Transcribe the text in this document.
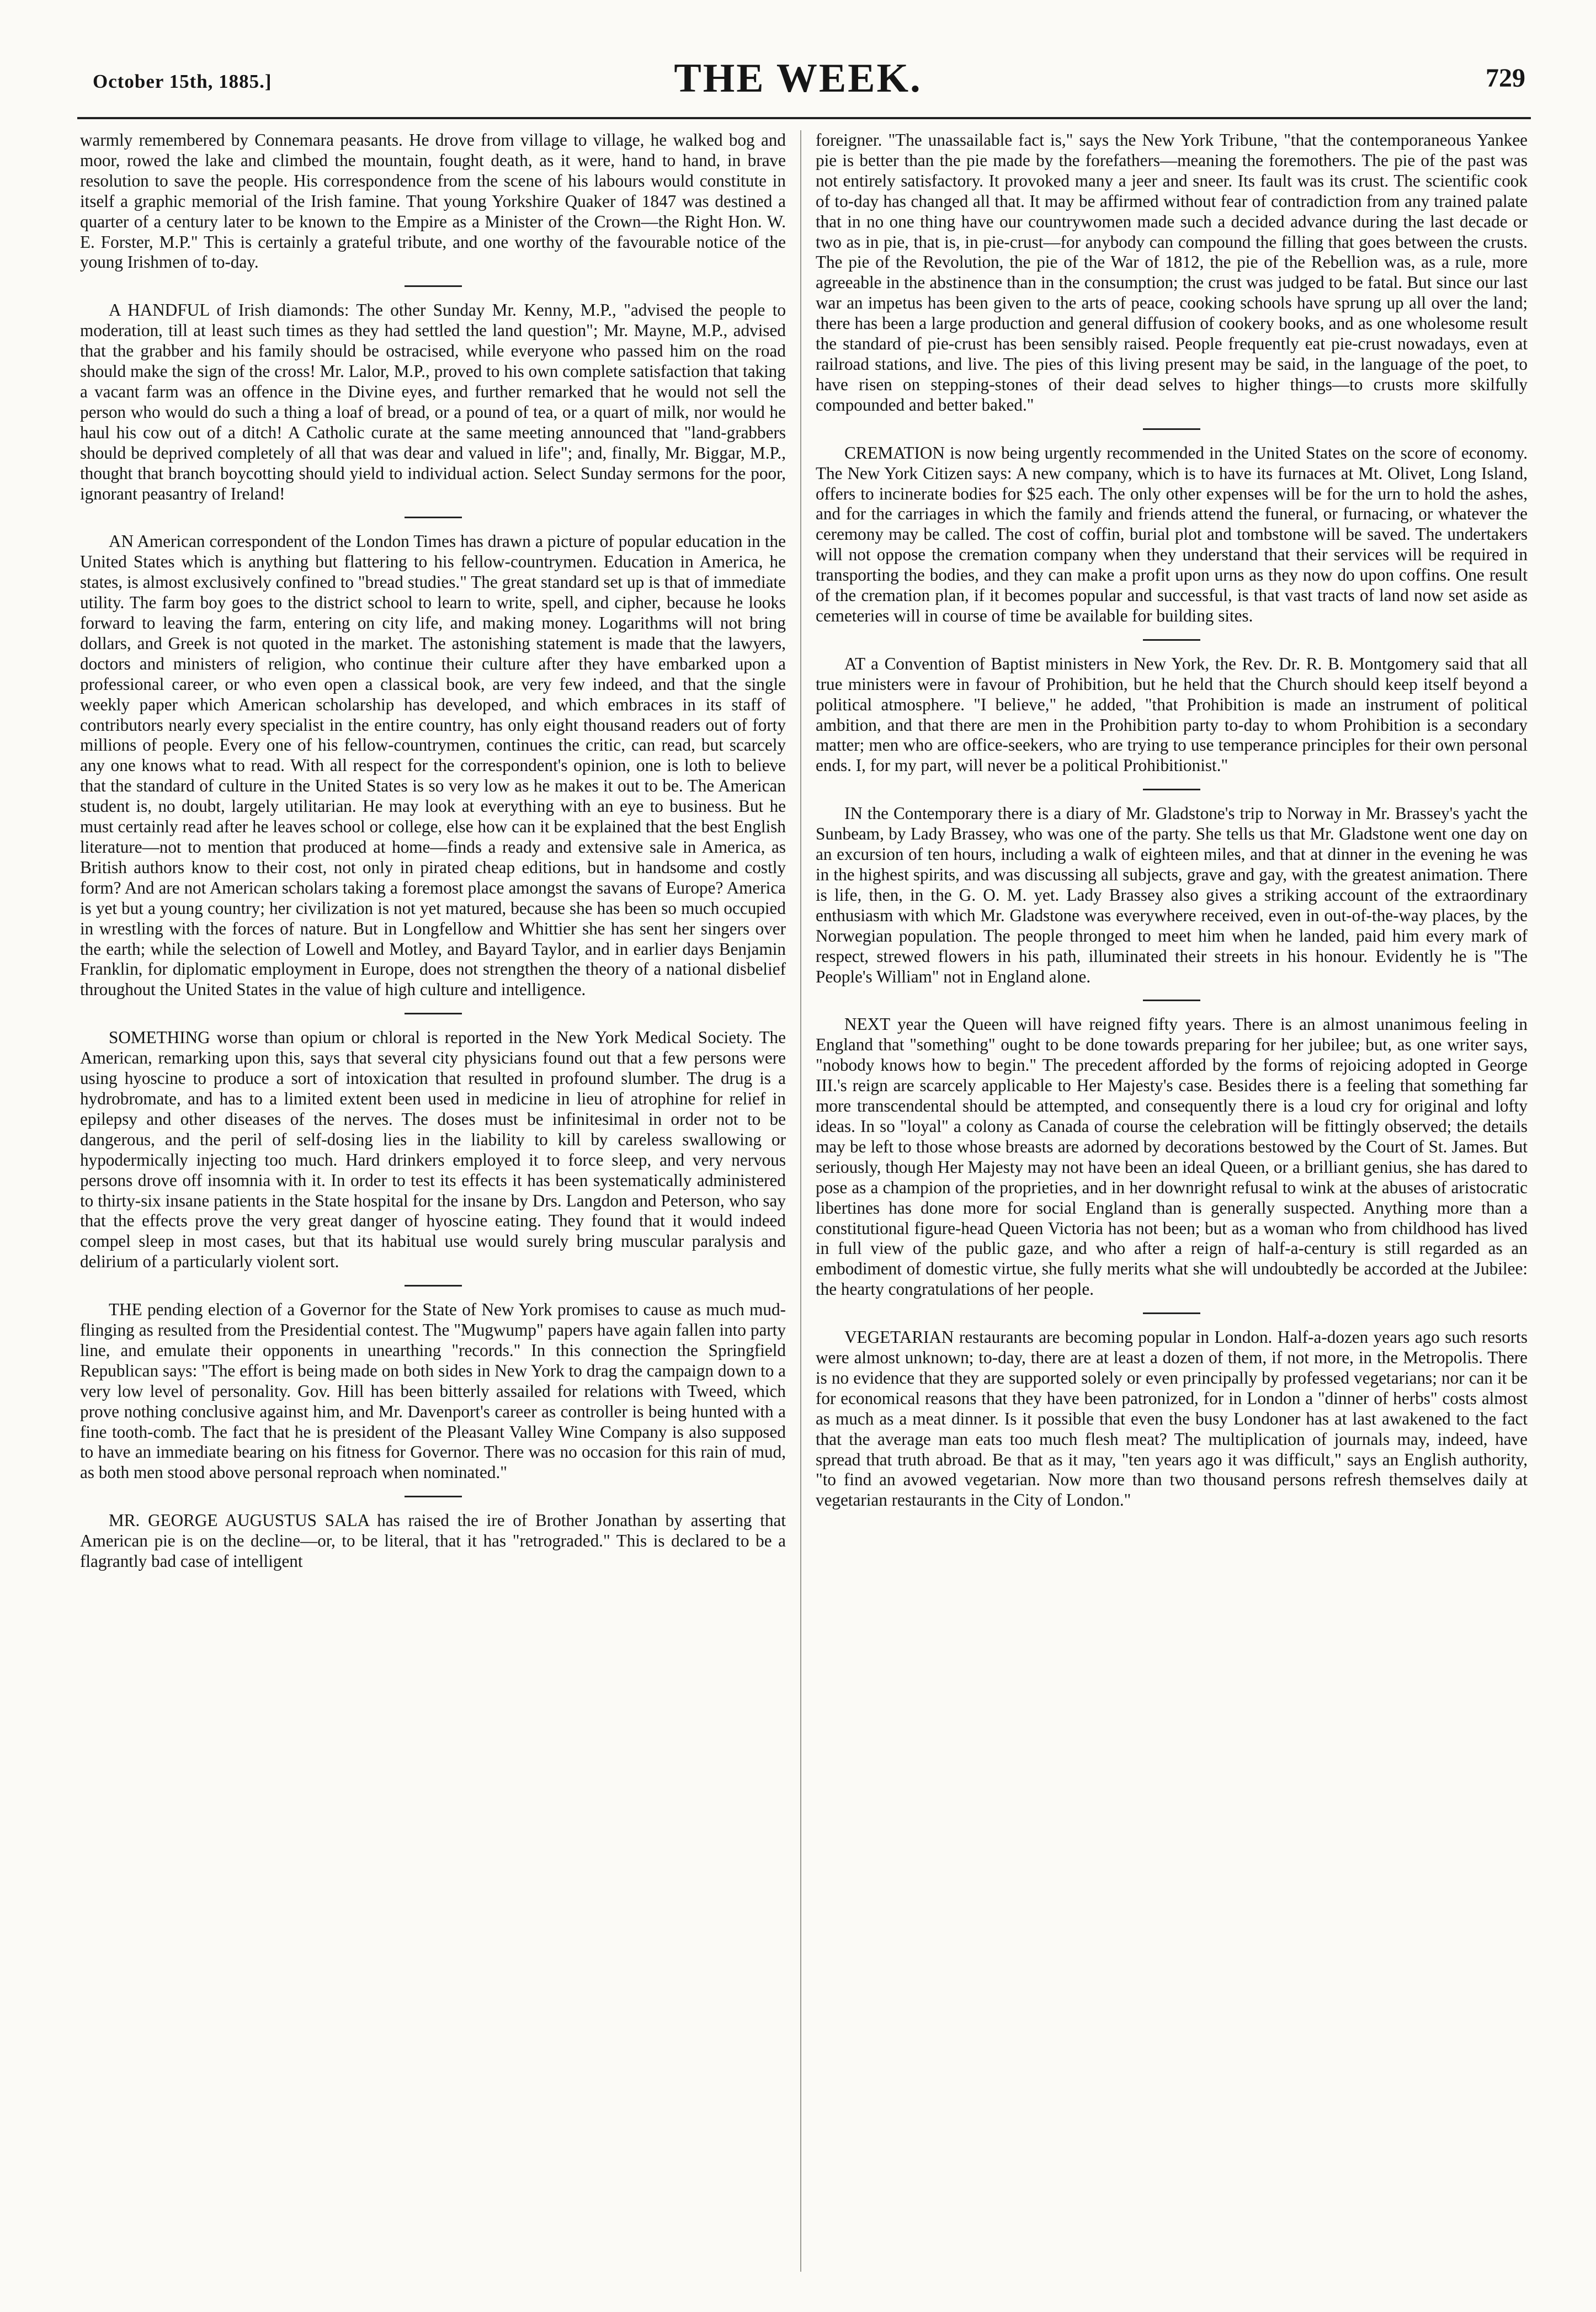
October 15th, 1885.]	THE WEEK.	729

warmly remembered by Connemara peasants. He drove from village to village, he walked bog and moor, rowed the lake and climbed the mountain, fought death, as it were, hand to hand, in brave resolution to save the people. His correspondence from the scene of his labours would constitute in itself a graphic memorial of the Irish famine. That young Yorkshire Quaker of 1847 was destined a quarter of a century later to be known to the Empire as a Minister of the Crown—the Right Hon. W. E. Forster, M.P." This is certainly a grateful tribute, and one worthy of the favourable notice of the young Irishmen of to-day.

A HANDFUL of Irish diamonds: The other Sunday Mr. Kenny, M.P., "advised the people to moderation, till at least such times as they had settled the land question"; Mr. Mayne, M.P., advised that the grabber and his family should be ostracised, while everyone who passed him on the road should make the sign of the cross! Mr. Lalor, M.P., proved to his own complete satisfaction that taking a vacant farm was an offence in the Divine eyes, and further remarked that he would not sell the person who would do such a thing a loaf of bread, or a pound of tea, or a quart of milk, nor would he haul his cow out of a ditch! A Catholic curate at the same meeting announced that "land-grabbers should be deprived completely of all that was dear and valued in life"; and, finally, Mr. Biggar, M.P., thought that branch boycotting should yield to individual action. Select Sunday sermons for the poor, ignorant peasantry of Ireland!

AN American correspondent of the London Times has drawn a picture of popular education in the United States which is anything but flattering to his fellow-countrymen. Education in America, he states, is almost exclusively confined to "bread studies." The great standard set up is that of immediate utility. The farm boy goes to the district school to learn to write, spell, and cipher, because he looks forward to leaving the farm, entering on city life, and making money. Logarithms will not bring dollars, and Greek is not quoted in the market. The astonishing statement is made that the lawyers, doctors and ministers of religion, who continue their culture after they have embarked upon a professional career, or who even open a classical book, are very few indeed, and that the single weekly paper which American scholarship has developed, and which embraces in its staff of contributors nearly every specialist in the entire country, has only eight thousand readers out of forty millions of people. Every one of his fellow-countrymen, continues the critic, can read, but scarcely any one knows what to read. With all respect for the correspondent's opinion, one is loth to believe that the standard of culture in the United States is so very low as he makes it out to be. The American student is, no doubt, largely utilitarian. He may look at everything with an eye to business. But he must certainly read after he leaves school or college, else how can it be explained that the best English literature—not to mention that produced at home—finds a ready and extensive sale in America, as British authors know to their cost, not only in pirated cheap editions, but in handsome and costly form? And are not American scholars taking a foremost place amongst the savans of Europe? America is yet but a young country; her civilization is not yet matured, because she has been so much occupied in wrestling with the forces of nature. But in Longfellow and Whittier she has sent her singers over the earth; while the selection of Lowell and Motley, and Bayard Taylor, and in earlier days Benjamin Franklin, for diplomatic employment in Europe, does not strengthen the theory of a national disbelief throughout the United States in the value of high culture and intelligence.

SOMETHING worse than opium or chloral is reported in the New York Medical Society. The American, remarking upon this, says that several city physicians found out that a few persons were using hyoscine to produce a sort of intoxication that resulted in profound slumber. The drug is a hydrobromate, and has to a limited extent been used in medicine in lieu of atrophine for relief in epilepsy and other diseases of the nerves. The doses must be infinitesimal in order not to be dangerous, and the peril of self-dosing lies in the liability to kill by careless swallowing or hypodermically injecting too much. Hard drinkers employed it to force sleep, and very nervous persons drove off insomnia with it. In order to test its effects it has been systematically administered to thirty-six insane patients in the State hospital for the insane by Drs. Langdon and Peterson, who say that the effects prove the very great danger of hyoscine eating. They found that it would indeed compel sleep in most cases, but that its habitual use would surely bring muscular paralysis and delirium of a particularly violent sort.

THE pending election of a Governor for the State of New York promises to cause as much mud-flinging as resulted from the Presidential contest. The "Mugwump" papers have again fallen into party line, and emulate their opponents in unearthing "records." In this connection the Springfield Republican says: "The effort is being made on both sides in New York to drag the campaign down to a very low level of personality. Gov. Hill has been bitterly assailed for relations with Tweed, which prove nothing conclusive against him, and Mr. Davenport's career as controller is being hunted with a fine tooth-comb. The fact that he is president of the Pleasant Valley Wine Company is also supposed to have an immediate bearing on his fitness for Governor. There was no occasion for this rain of mud, as both men stood above personal reproach when nominated."

MR. GEORGE AUGUSTUS SALA has raised the ire of Brother Jonathan by asserting that American pie is on the decline—or, to be literal, that it has "retrograded." This is declared to be a flagrantly bad case of intelligent

foreigner. "The unassailable fact is," says the New York Tribune, "that the contemporaneous Yankee pie is better than the pie made by the forefathers—meaning the foremothers. The pie of the past was not entirely satisfactory. It provoked many a jeer and sneer. Its fault was its crust. The scientific cook of to-day has changed all that. It may be affirmed without fear of contradiction from any trained palate that in no one thing have our countrywomen made such a decided advance during the last decade or two as in pie, that is, in pie-crust—for anybody can compound the filling that goes between the crusts. The pie of the Revolution, the pie of the War of 1812, the pie of the Rebellion was, as a rule, more agreeable in the abstinence than in the consumption; the crust was judged to be fatal. But since our last war an impetus has been given to the arts of peace, cooking schools have sprung up all over the land; there has been a large production and general diffusion of cookery books, and as one wholesome result the standard of pie-crust has been sensibly raised. People frequently eat pie-crust nowadays, even at railroad stations, and live. The pies of this living present may be said, in the language of the poet, to have risen on stepping-stones of their dead selves to higher things—to crusts more skilfully compounded and better baked."

CREMATION is now being urgently recommended in the United States on the score of economy. The New York Citizen says: A new company, which is to have its furnaces at Mt. Olivet, Long Island, offers to incinerate bodies for $25 each. The only other expenses will be for the urn to hold the ashes, and for the carriages in which the family and friends attend the funeral, or furnacing, or whatever the ceremony may be called. The cost of coffin, burial plot and tombstone will be saved. The undertakers will not oppose the cremation company when they understand that their services will be required in transporting the bodies, and they can make a profit upon urns as they now do upon coffins. One result of the cremation plan, if it becomes popular and successful, is that vast tracts of land now set aside as cemeteries will in course of time be available for building sites.

AT a Convention of Baptist ministers in New York, the Rev. Dr. R. B. Montgomery said that all true ministers were in favour of Prohibition, but he held that the Church should keep itself beyond a political atmosphere. "I believe," he added, "that Prohibition is made an instrument of political ambition, and that there are men in the Prohibition party to-day to whom Prohibition is a secondary matter; men who are office-seekers, who are trying to use temperance principles for their own personal ends. I, for my part, will never be a political Prohibitionist."

IN the Contemporary there is a diary of Mr. Gladstone's trip to Norway in Mr. Brassey's yacht the Sunbeam, by Lady Brassey, who was one of the party. She tells us that Mr. Gladstone went one day on an excursion of ten hours, including a walk of eighteen miles, and that at dinner in the evening he was in the highest spirits, and was discussing all subjects, grave and gay, with the greatest animation. There is life, then, in the G. O. M. yet. Lady Brassey also gives a striking account of the extraordinary enthusiasm with which Mr. Gladstone was everywhere received, even in out-of-the-way places, by the Norwegian population. The people thronged to meet him when he landed, paid him every mark of respect, strewed flowers in his path, illuminated their streets in his honour. Evidently he is "The People's William" not in England alone.

NEXT year the Queen will have reigned fifty years. There is an almost unanimous feeling in England that "something" ought to be done towards preparing for her jubilee; but, as one writer says, "nobody knows how to begin." The precedent afforded by the forms of rejoicing adopted in George III.'s reign are scarcely applicable to Her Majesty's case. Besides there is a feeling that something far more transcendental should be attempted, and consequently there is a loud cry for original and lofty ideas. In so "loyal" a colony as Canada of course the celebration will be fittingly observed; the details may be left to those whose breasts are adorned by decorations bestowed by the Court of St. James. But seriously, though Her Majesty may not have been an ideal Queen, or a brilliant genius, she has dared to pose as a champion of the proprieties, and in her downright refusal to wink at the abuses of aristocratic libertines has done more for social England than is generally suspected. Anything more than a constitutional figure-head Queen Victoria has not been; but as a woman who from childhood has lived in full view of the public gaze, and who after a reign of half-a-century is still regarded as an embodiment of domestic virtue, she fully merits what she will undoubtedly be accorded at the Jubilee: the hearty congratulations of her people.

VEGETARIAN restaurants are becoming popular in London. Half-a-dozen years ago such resorts were almost unknown; to-day, there are at least a dozen of them, if not more, in the Metropolis. There is no evidence that they are supported solely or even principally by professed vegetarians; nor can it be for economical reasons that they have been patronized, for in London a "dinner of herbs" costs almost as much as a meat dinner. Is it possible that even the busy Londoner has at last awakened to the fact that the average man eats too much flesh meat? The multiplication of journals may, indeed, have spread that truth abroad. Be that as it may, "ten years ago it was difficult," says an English authority, "to find an avowed vegetarian. Now more than two thousand persons refresh themselves daily at vegetarian restaurants in the City of London."
